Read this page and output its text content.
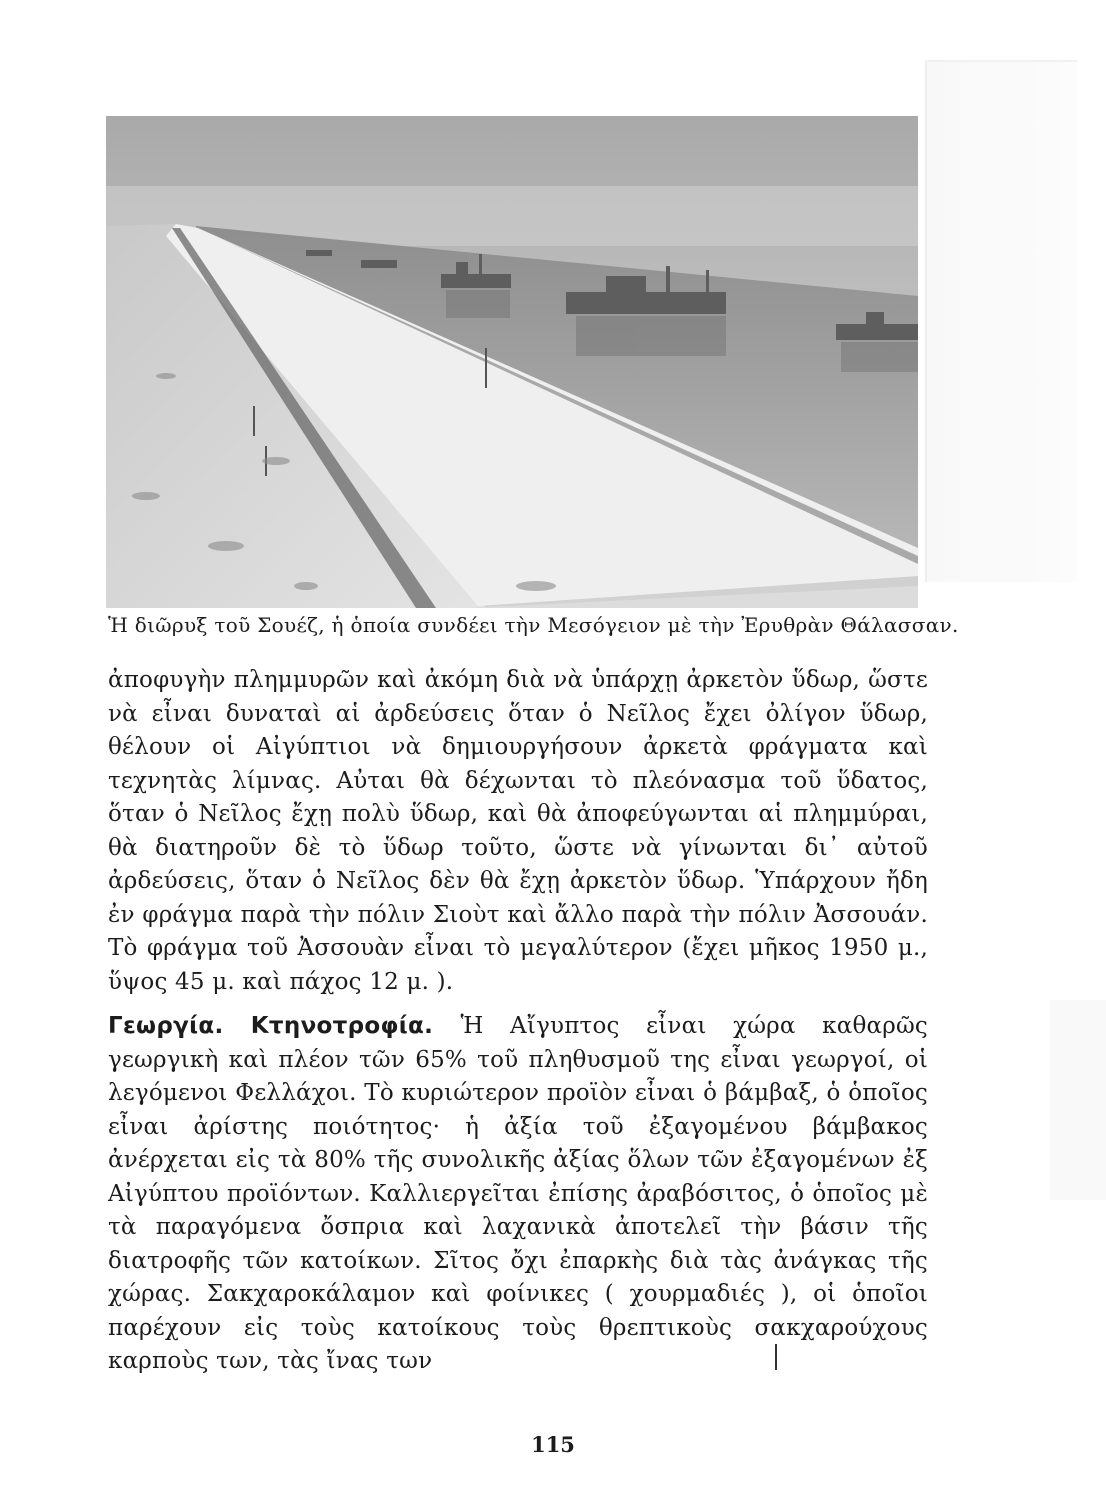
Ἡ διῶρυξ τοῦ Σουέζ, ἡ ὁποία συνδέει τὴν Μεσόγειον μὲ τὴν Ἐρυθρὰν Θάλασσαν.
ἀποφυγὴν πλημμυρῶν καὶ ἀκόμη διὰ νὰ ὑπάρχῃ ἀρκετὸν ὕδωρ, ὥστε νὰ εἶναι δυναταὶ αἱ ἀρδεύσεις ὅταν ὁ Νεῖλος ἔχει ὀλίγον ὕδωρ, θέλουν οἱ Αἰγύπτιοι νὰ δημιουργήσουν ἀρκετὰ φράγματα καὶ τεχνητὰς λίμνας. Αὐται θὰ δέχωνται τὸ πλεόνασμα τοῦ ὕδατος, ὅταν ὁ Νεῖλος ἔχῃ πολὺ ὕδωρ, καὶ θὰ ἀποφεύγωνται αἱ πλημμύραι, θὰ διατηροῦν δὲ τὸ ὕδωρ τοῦτο, ὥστε νὰ γίνωνται δι᾽ αὐτοῦ ἀρδεύσεις, ὅταν ὁ Νεῖλος δὲν θὰ ἔχῃ ἀρκετὸν ὕδωρ. Ὑπάρχουν ἤδη ἐν φράγμα παρὰ τὴν πόλιν Σιοὺτ καὶ ἄλλο παρὰ τὴν πόλιν Ἀσσουάν. Τὸ φράγμα τοῦ Ἀσσουὰν εἶναι τὸ μεγαλύτερον (ἔχει μῆκος 1950 μ., ὕψος 45 μ. καὶ πάχος 12 μ. ).
Γεωργία. Κτηνοτροφία. Ἡ Αἴγυπτος εἶναι χώρα καθαρῶς γεωργικὴ καὶ πλέον τῶν 65% τοῦ πληθυσμοῦ της εἶναι γεωργοί, οἱ λεγόμενοι Φελλάχοι. Τὸ κυριώτερον προϊὸν εἶναι ὁ βάμβαξ, ὁ ὁποῖος εἶναι ἀρίστης ποιότητος· ἡ ἀξία τοῦ ἐξαγομένου βάμβακος ἀνέρχεται εἰς τὰ 80% τῆς συνολικῆς ἀξίας ὅλων τῶν ἐξαγομένων ἐξ Αἰγύπτου προϊόντων. Καλλιεργεῖται ἐπίσης ἀραβόσιτος, ὁ ὁποῖος μὲ τὰ παραγόμενα ὄσπρια καὶ λαχανικὰ ἀποτελεῖ τὴν βάσιν τῆς διατροφῆς τῶν κατοίκων. Σῖτος ὄχι ἐπαρκὴς διὰ τὰς ἀνάγκας τῆς χώρας. Σακχαροκάλαμον καὶ φοίνικες ( χουρμαδιές ), οἱ ὁποῖοι παρέχουν εἰς τοὺς κατοίκους τοὺς θρεπτικοὺς σακχαρούχους καρποὺς των, τὰς ἴνας των
115
